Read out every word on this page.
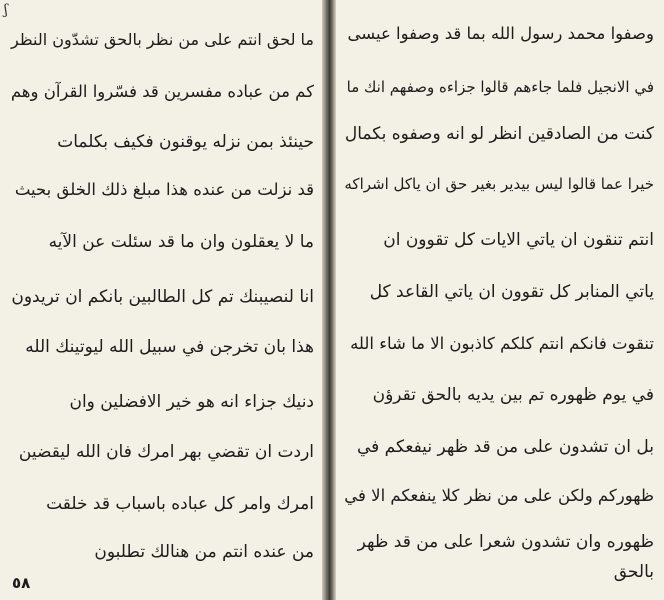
ʃ
ما لحق انتم على من نظر بالحق تشدّون النظر
كم من عباده مفسرين قد فسّروا القرآن وهم
حينئذ بمن نزله يوقنون فكيف بكلمات
قد نزلت من عنده هذا مبلغ ذلك الخلق بحيث
ما لا يعقلون وان ما قد سئلت عن الآيه
انا لنصيبنك تم كل الطالبين بانكم ان تريدون
هذا بان تخرجن في سبيل الله ليوتينك الله
دنيك جزاء انه هو خير الافضلين وان
اردت ان تقضي بهر امرك فان الله ليقضين
امرك وامر كل عباده باسباب قد خلقت
من عنده انتم من هنالك تطلبون
٥٨
وصفوا محمد رسول الله بما قد وصفوا عيسى
في الانجيل فلما جاءهم قالوا جزاءه وصفهم انك ما
كنت من الصادقين انظر لو انه وصفوه بكمال
خيرا عما قالوا ليس بيدير بغير حق ان ياكل اشراكه
انتم تنقون ان ياتي الايات كل تقوون ان
ياتي المنابر كل تقوون ان ياتي القاعد كل
تنقوت فانكم انتم كلكم كاذبون الا ما شاء الله
في يوم ظهوره تم بين يديه بالحق تقرؤن
بل ان تشدون على من قد ظهر نيفعكم في
ظهوركم ولكن على من نظر كلا ينفعكم الا في
ظهوره وان تشدون شعرا على من قد ظهر
بالحق
